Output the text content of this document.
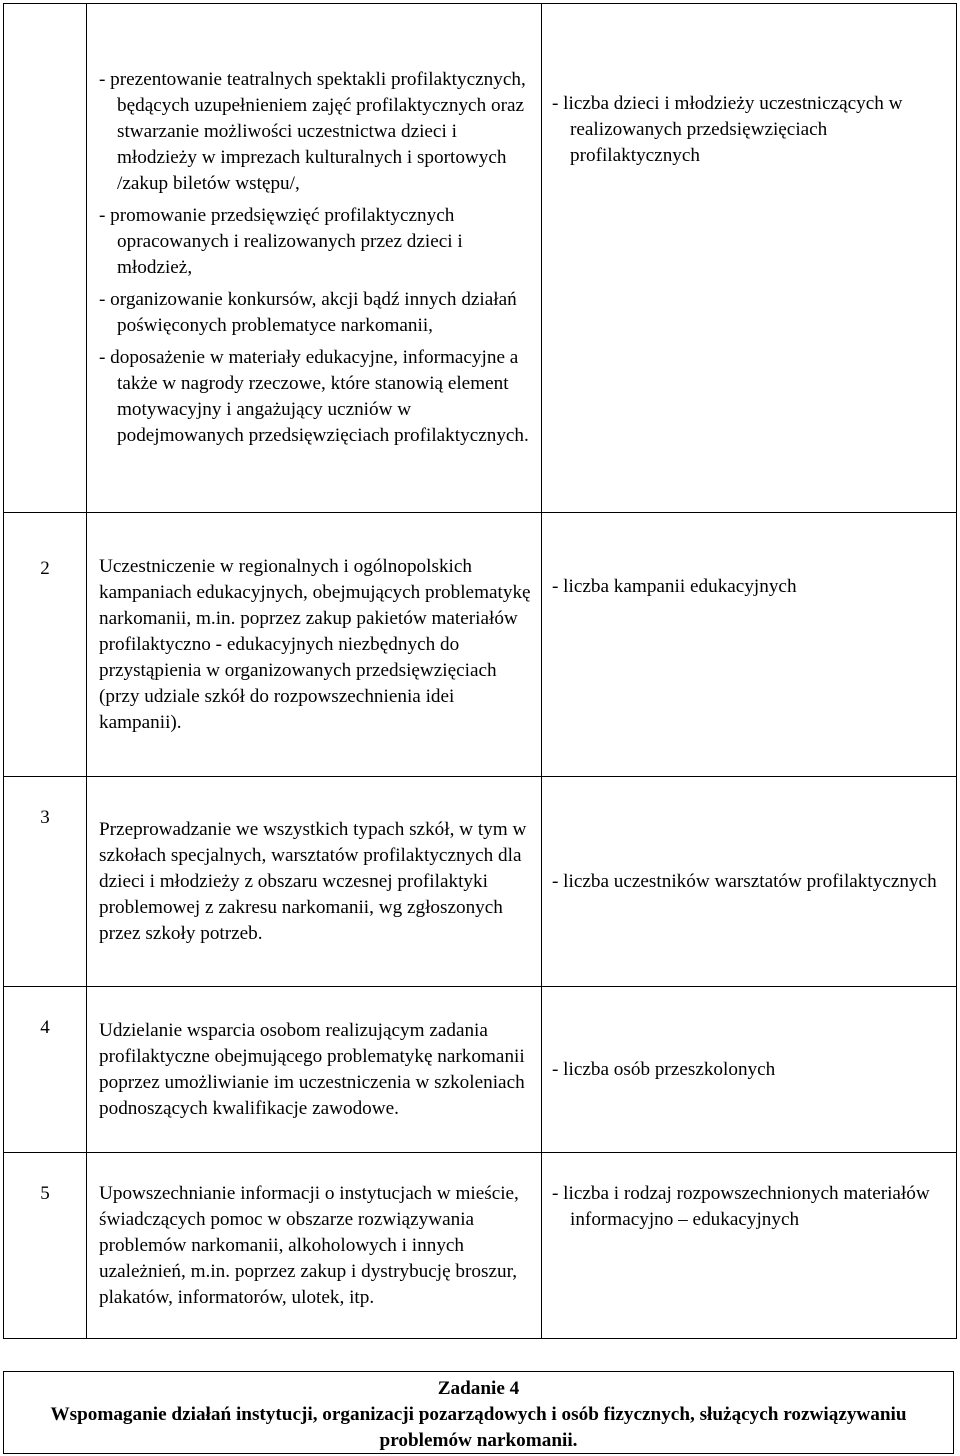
	- prezentowanie teatralnych spektakli profilaktycznych, będących uzupełnieniem zajęć profilaktycznych oraz stwarzanie możliwości uczestnictwa dzieci i młodzieży w imprezach kulturalnych i sportowych /zakup biletów wstępu/,

- promowanie przedsięwzięć profilaktycznych opracowanych i realizowanych przez dzieci i młodzież,

- organizowanie konkursów, akcji bądź innych działań poświęconych problematyce narkomanii,

- doposażenie w materiały edukacyjne, informacyjne a także w nagrody rzeczowe, które stanowią element motywacyjny i angażujący uczniów w podejmowanych przedsięwzięciach profilaktycznych.	- liczba dzieci i młodzieży uczestniczących w realizowanych przedsięwzięciach profilaktycznych

2	Uczestniczenie w regionalnych i ogólnopolskich kampaniach edukacyjnych, obejmujących problematykę narkomanii, m.in. poprzez zakup pakietów materiałów profilaktyczno - edukacyjnych niezbędnych do przystąpienia w organizowanych przedsięwzięciach (przy udziale szkół do rozpowszechnienia idei kampanii).	- liczba kampanii edukacyjnych

3	Przeprowadzanie we wszystkich typach szkół, w tym w szkołach specjalnych, warsztatów profilaktycznych dla dzieci i młodzieży z obszaru wczesnej profilaktyki problemowej z zakresu narkomanii, wg zgłoszonych przez szkoły potrzeb.	- liczba uczestników warsztatów profilaktycznych

4	Udzielanie wsparcia osobom realizującym zadania profilaktyczne obejmującego problematykę narkomanii poprzez umożliwianie im uczestniczenia w szkoleniach podnoszących kwalifikacje zawodowe.	- liczba osób przeszkolonych

5	Upowszechnianie informacji o instytucjach w mieście, świadczących pomoc w obszarze rozwiązywania problemów narkomanii, alkoholowych i innych uzależnień, m.in. poprzez zakup i dystrybucję broszur, plakatów, informatorów, ulotek, itp.	- liczba i rodzaj rozpowszechnionych materiałów informacyjno – edukacyjnych

Zadanie 4
Wspomaganie działań instytucji, organizacji pozarządowych i osób fizycznych, służących rozwiązywaniu problemów narkomanii.
